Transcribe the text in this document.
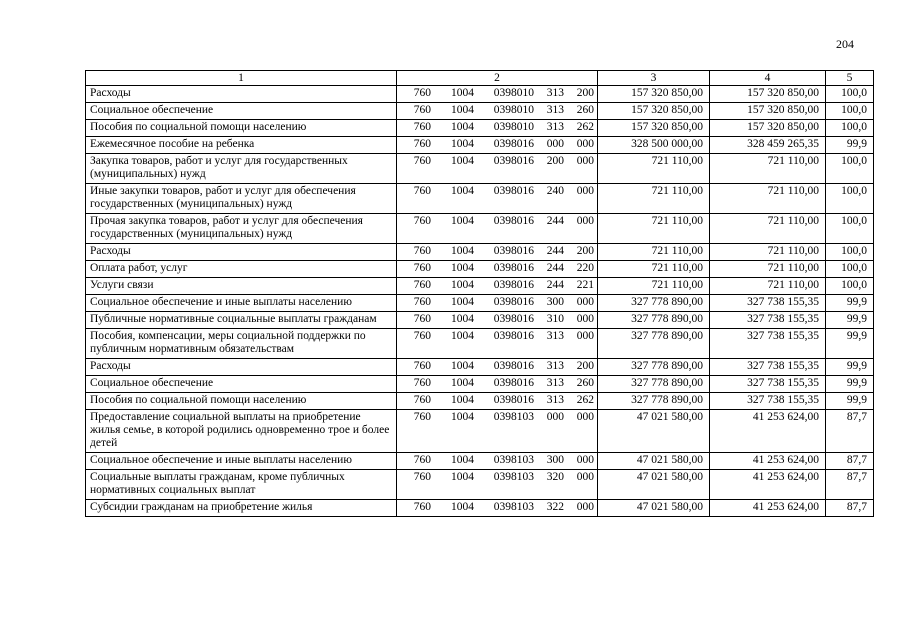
204
1	2	3	4	5
Расходы	760 1004 0398010 313 200	157 320 850,00	157 320 850,00	100,0
Социальное обеспечение	760 1004 0398010 313 260	157 320 850,00	157 320 850,00	100,0
Пособия по социальной помощи населению	760 1004 0398010 313 262	157 320 850,00	157 320 850,00	100,0
Ежемесячное пособие на ребенка	760 1004 0398016 000 000	328 500 000,00	328 459 265,35	99,9
Закупка товаров, работ и услуг для государственных (муниципальных) нужд	760 1004 0398016 200 000	721 110,00	721 110,00	100,0
Иные закупки товаров, работ и услуг для обеспечения государственных (муниципальных) нужд	760 1004 0398016 240 000	721 110,00	721 110,00	100,0
Прочая закупка товаров, работ и услуг для обеспечения государственных (муниципальных) нужд	760 1004 0398016 244 000	721 110,00	721 110,00	100,0
Расходы	760 1004 0398016 244 200	721 110,00	721 110,00	100,0
Оплата работ, услуг	760 1004 0398016 244 220	721 110,00	721 110,00	100,0
Услуги связи	760 1004 0398016 244 221	721 110,00	721 110,00	100,0
Социальное обеспечение и иные выплаты населению	760 1004 0398016 300 000	327 778 890,00	327 738 155,35	99,9
Публичные нормативные социальные выплаты гражданам	760 1004 0398016 310 000	327 778 890,00	327 738 155,35	99,9
Пособия, компенсации, меры социальной поддержки по публичным нормативным обязательствам	760 1004 0398016 313 000	327 778 890,00	327 738 155,35	99,9
Расходы	760 1004 0398016 313 200	327 778 890,00	327 738 155,35	99,9
Социальное обеспечение	760 1004 0398016 313 260	327 778 890,00	327 738 155,35	99,9
Пособия по социальной помощи населению	760 1004 0398016 313 262	327 778 890,00	327 738 155,35	99,9
Предоставление социальной выплаты на приобретение жилья семье, в которой родились одновременно трое и более детей	760 1004 0398103 000 000	47 021 580,00	41 253 624,00	87,7
Социальное обеспечение и иные выплаты населению	760 1004 0398103 300 000	47 021 580,00	41 253 624,00	87,7
Социальные выплаты гражданам, кроме публичных нормативных социальных выплат	760 1004 0398103 320 000	47 021 580,00	41 253 624,00	87,7
Субсидии гражданам на приобретение жилья	760 1004 0398103 322 000	47 021 580,00	41 253 624,00	87,7
